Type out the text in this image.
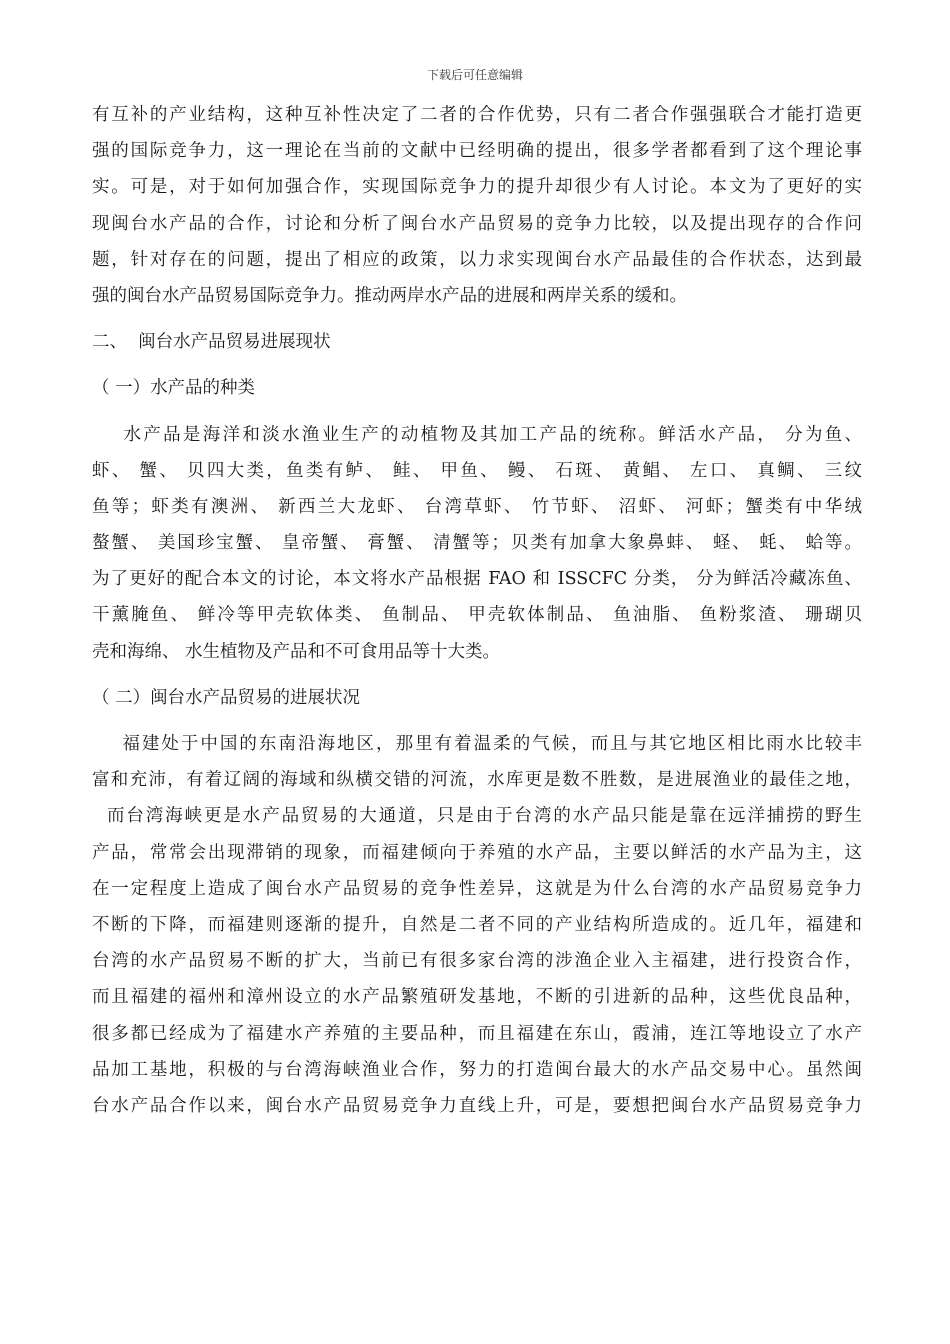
下载后可任意编辑
有互补的产业结构，这种互补性决定了二者的合作优势，只有二者合作强强联合才能打造更
强的国际竞争力，这一理论在当前的文献中已经明确的提出，很多学者都看到了这个理论事
实。可是，对于如何加强合作，实现国际竞争力的提升却很少有人讨论。本文为了更好的实
现闽台水产品的合作，讨论和分析了闽台水产品贸易的竞争力比较，以及提出现存的合作问
题，针对存在的问题，提出了相应的政策，以力求实现闽台水产品最佳的合作状态，达到最
强的闽台水产品贸易国际竞争力。推动两岸水产品的进展和两岸关系的缓和。
二、  闽台水产品贸易进展现状
（ 一）水产品的种类
水产品是海洋和淡水渔业生产的动植物及其加工产品的统称。鲜活水产品， 分为鱼、
虾、 蟹、 贝四大类，鱼类有鲈、 鲑、 甲鱼、 鳗、 石斑、 黄鲳、 左口、 真鲷、 三纹
鱼等；虾类有澳洲、 新西兰大龙虾、 台湾草虾、 竹节虾、 沼虾、 河虾；蟹类有中华绒
螯蟹、 美国珍宝蟹、 皇帝蟹、 膏蟹、 清蟹等；贝类有加拿大象鼻蚌、 蛏、 蚝、 蛤等。
为了更好的配合本文的讨论，本文将水产品根据 FAO 和 ISSCFC 分类， 分为鲜活冷藏冻鱼、
干薰腌鱼、 鲜冷等甲壳软体类、 鱼制品、 甲壳软体制品、 鱼油脂、 鱼粉浆渣、 珊瑚贝
壳和海绵、 水生植物及产品和不可食用品等十大类。
（ 二）闽台水产品贸易的进展状况
福建处于中国的东南沿海地区，那里有着温柔的气候，而且与其它地区相比雨水比较丰
富和充沛，有着辽阔的海域和纵横交错的河流，水库更是数不胜数，是进展渔业的最佳之地，
而台湾海峡更是水产品贸易的大通道，只是由于台湾的水产品只能是靠在远洋捕捞的野生
产品，常常会出现滞销的现象，而福建倾向于养殖的水产品，主要以鲜活的水产品为主，这
在一定程度上造成了闽台水产品贸易的竞争性差异，这就是为什么台湾的水产品贸易竞争力
不断的下降，而福建则逐渐的提升，自然是二者不同的产业结构所造成的。近几年，福建和
台湾的水产品贸易不断的扩大，当前已有很多家台湾的涉渔企业入主福建，进行投资合作，
而且福建的福州和漳州设立的水产品繁殖研发基地，不断的引进新的品种，这些优良品种，
很多都已经成为了福建水产养殖的主要品种，而且福建在东山，霞浦，连江等地设立了水产
品加工基地，积极的与台湾海峡渔业合作，努力的打造闽台最大的水产品交易中心。虽然闽
台水产品合作以来，闽台水产品贸易竞争力直线上升，可是，要想把闽台水产品贸易竞争力
